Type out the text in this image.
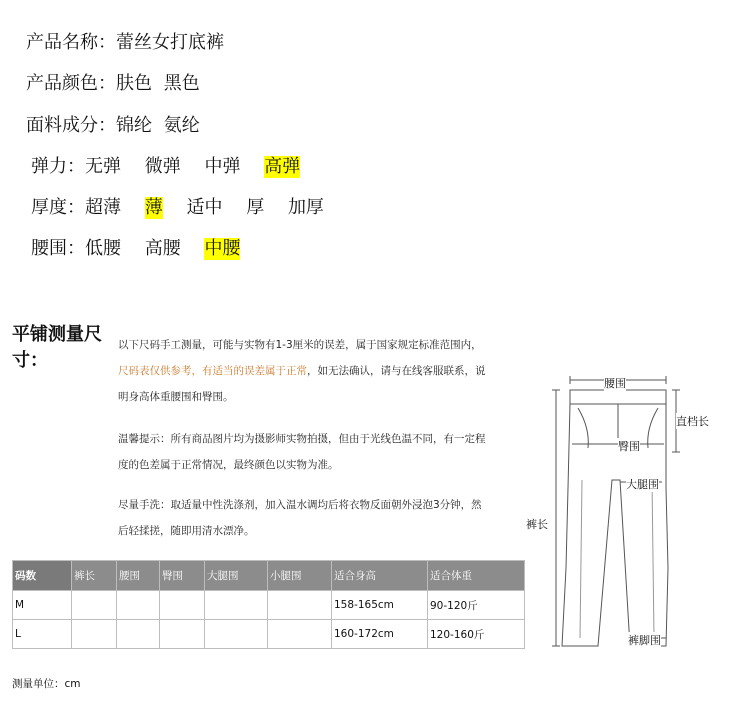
产品名称：蕾丝女打底裤
产品颜色：肤色 黑色
面料成分：锦纶 氨纶
弹力：无弹 微弹 中弹 高弹
厚度：超薄 薄 适中 厚 加厚
腰围：低腰 高腰 中腰
平铺测量尺寸：
以下尺码手工测量，可能与实物有1-3厘米的误差，属于国家规定标准范围内，
尺码表仅供参考，有适当的误差属于正常，如无法确认，请与在线客服联系，说
明身高体重腰围和臀围。
温馨提示：所有商品图片均为摄影师实物拍摄，但由于光线色温不同，有一定程
度的色差属于正常情况，最终颜色以实物为准。
尽量手洗：取适量中性洗涤剂，加入温水调均后将衣物反面朝外浸泡3分钟，然
后轻揉搓，随即用清水漂净。
码数	裤长	腰围	臀围	大腿围	小腿围	适合身高	适合体重
M						158-165cm	90-120斤
L						160-172cm	120-160斤
测量单位：cm
腰围
直档长
臀围
大腿围
裤长
裤脚围
